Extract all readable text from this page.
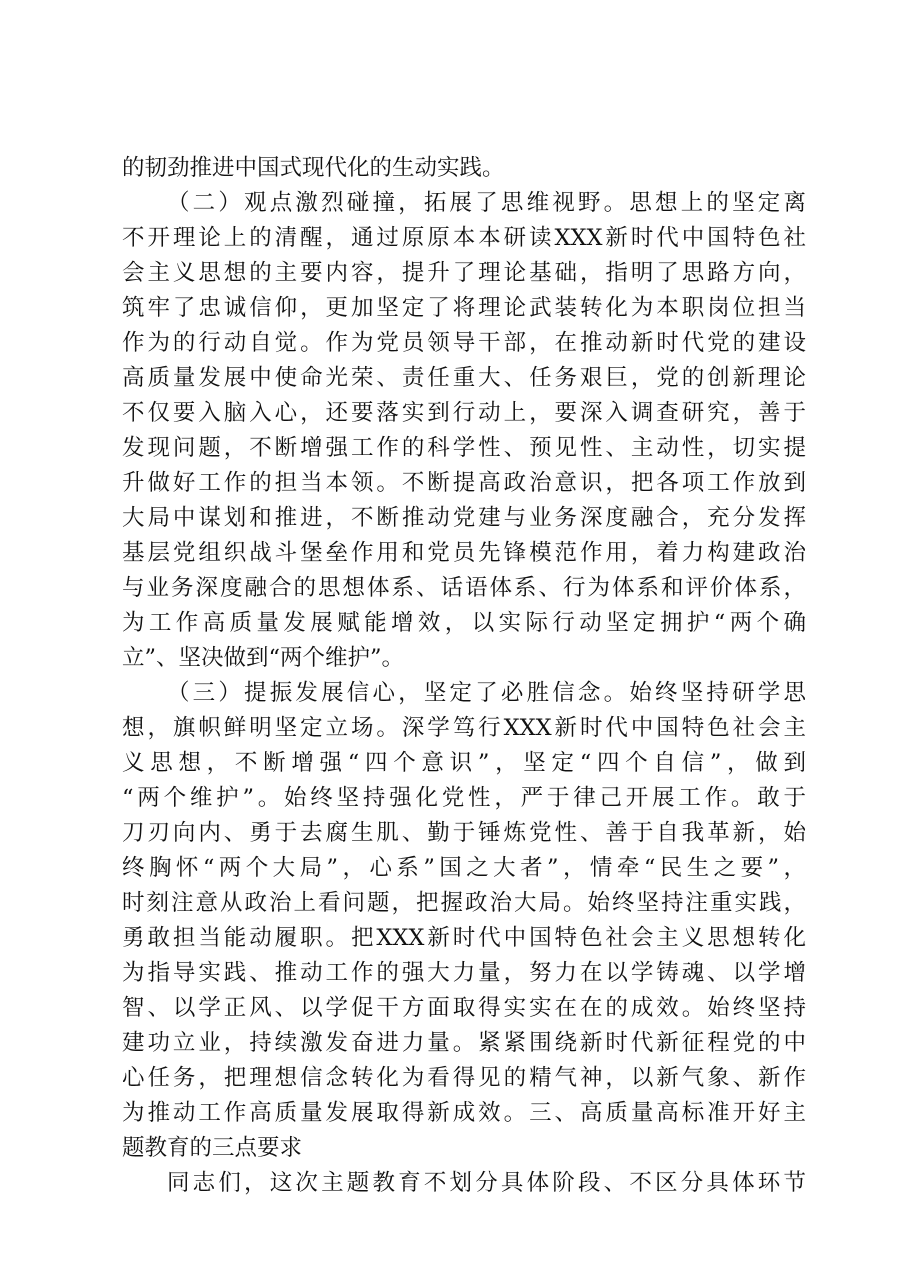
的韧劲推进中国式现代化的生动实践。
（二）观点激烈碰撞，拓展了思维视野。思想上的坚定离
不开理论上的清醒，通过原原本本研读XXX新时代中国特色社
会主义思想的主要内容，提升了理论基础，指明了思路方向，
筑牢了忠诚信仰，更加坚定了将理论武装转化为本职岗位担当
作为的行动自觉。作为党员领导干部，在推动新时代党的建设
高质量发展中使命光荣、责任重大、任务艰巨，党的创新理论
不仅要入脑入心，还要落实到行动上，要深入调查研究，善于
发现问题，不断增强工作的科学性、预见性、主动性，切实提
升做好工作的担当本领。不断提高政治意识，把各项工作放到
大局中谋划和推进，不断推动党建与业务深度融合，充分发挥
基层党组织战斗堡垒作用和党员先锋模范作用，着力构建政治
与业务深度融合的思想体系、话语体系、行为体系和评价体系，
为工作高质量发展赋能增效，以实际行动坚定拥护“两个确
立”、坚决做到“两个维护”。
（三）提振发展信心，坚定了必胜信念。始终坚持研学思
想，旗帜鲜明坚定立场。深学笃行XXX新时代中国特色社会主
义思想，不断增强“四个意识”，坚定“四个自信”，做到
“两个维护”。始终坚持强化党性，严于律己开展工作。敢于
刀刃向内、勇于去腐生肌、勤于锤炼党性、善于自我革新，始
终胸怀“两个大局”，心系”国之大者”，情牵“民生之要”，
时刻注意从政治上看问题，把握政治大局。始终坚持注重实践，
勇敢担当能动履职。把XXX新时代中国特色社会主义思想转化
为指导实践、推动工作的强大力量，努力在以学铸魂、以学增
智、以学正风、以学促干方面取得实实在在的成效。始终坚持
建功立业，持续激发奋进力量。紧紧围绕新时代新征程党的中
心任务，把理想信念转化为看得见的精气神，以新气象、新作
为推动工作高质量发展取得新成效。三、高质量高标准开好主
题教育的三点要求
同志们，这次主题教育不划分具体阶段、不区分具体环节
